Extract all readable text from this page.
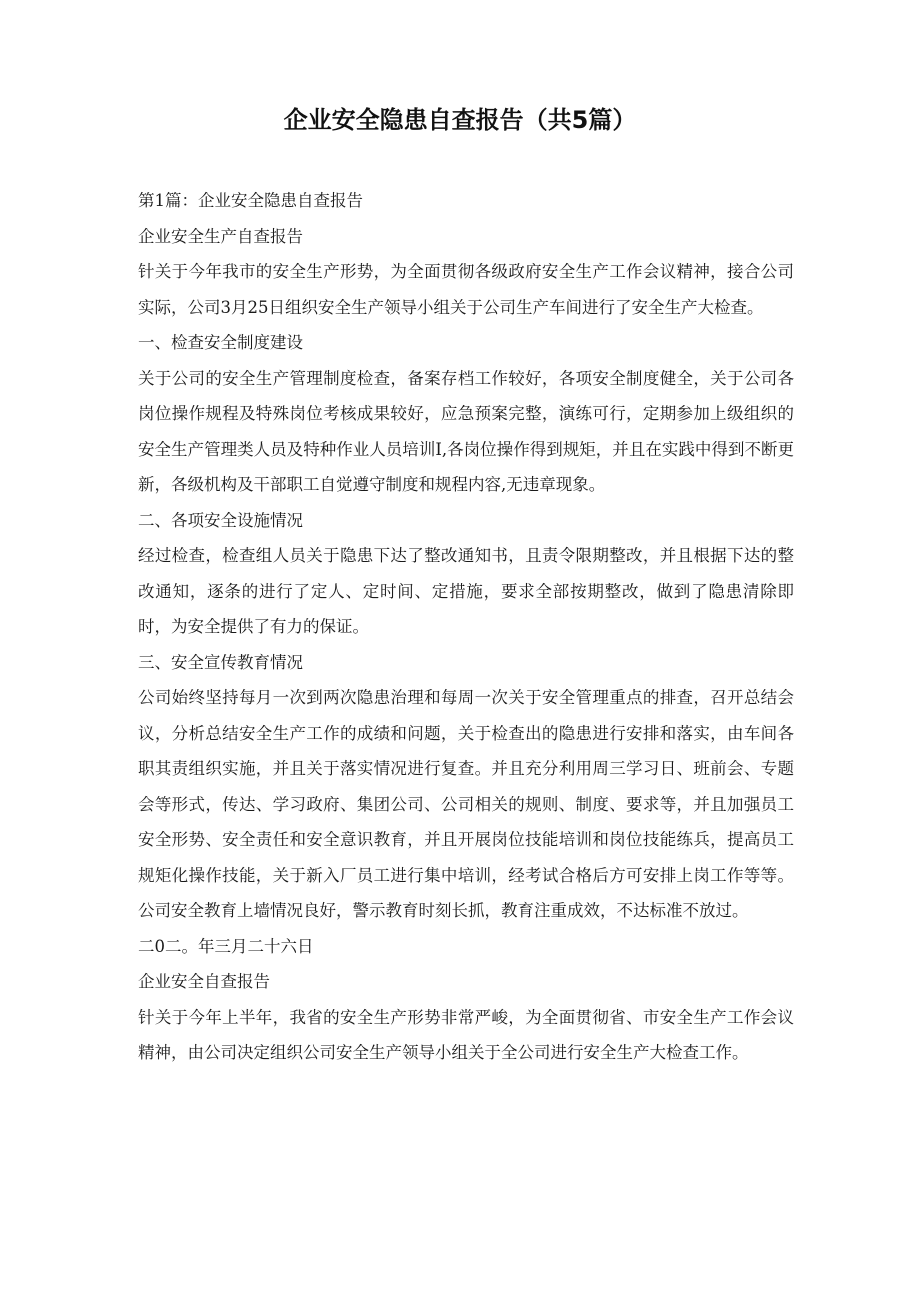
企业安全隐患自查报告（共5篇）

第1篇：企业安全隐患自查报告

企业安全生产自查报告

针关于今年我市的安全生产形势，为全面贯彻各级政府安全生产工作会议精神，接合公司实际，公司3月25日组织安全生产领导小组关于公司生产车间进行了安全生产大检查。

一、检查安全制度建设

关于公司的安全生产管理制度检查，备案存档工作较好，各项安全制度健全，关于公司各岗位操作规程及特殊岗位考核成果较好，应急预案完整，演练可行，定期参加上级组织的安全生产管理类人员及特种作业人员培训I,各岗位操作得到规矩，并且在实践中得到不断更新，各级机构及干部职工自觉遵守制度和规程内容,无违章现象。

二、各项安全设施情况

经过检查，检查组人员关于隐患下达了整改通知书，且责令限期整改，并且根据下达的整改通知，逐条的进行了定人、定时间、定措施，要求全部按期整改，做到了隐患清除即时，为安全提供了有力的保证。

三、安全宣传教育情况

公司始终坚持每月一次到两次隐患治理和每周一次关于安全管理重点的排查，召开总结会议，分析总结安全生产工作的成绩和问题，关于检查出的隐患进行安排和落实，由车间各职其责组织实施，并且关于落实情况进行复查。并且充分利用周三学习日、班前会、专题会等形式，传达、学习政府、集团公司、公司相关的规则、制度、要求等，并且加强员工安全形势、安全责任和安全意识教育，并且开展岗位技能培训和岗位技能练兵，提高员工规矩化操作技能，关于新入厂员工进行集中培训，经考试合格后方可安排上岗工作等等。公司安全教育上墙情况良好，警示教育时刻长抓，教育注重成效，不达标准不放过。

二0二。年三月二十六日

企业安全自查报告

针关于今年上半年，我省的安全生产形势非常严峻，为全面贯彻省、市安全生产工作会议精神，由公司决定组织公司安全生产领导小组关于全公司进行安全生产大检查工作。
